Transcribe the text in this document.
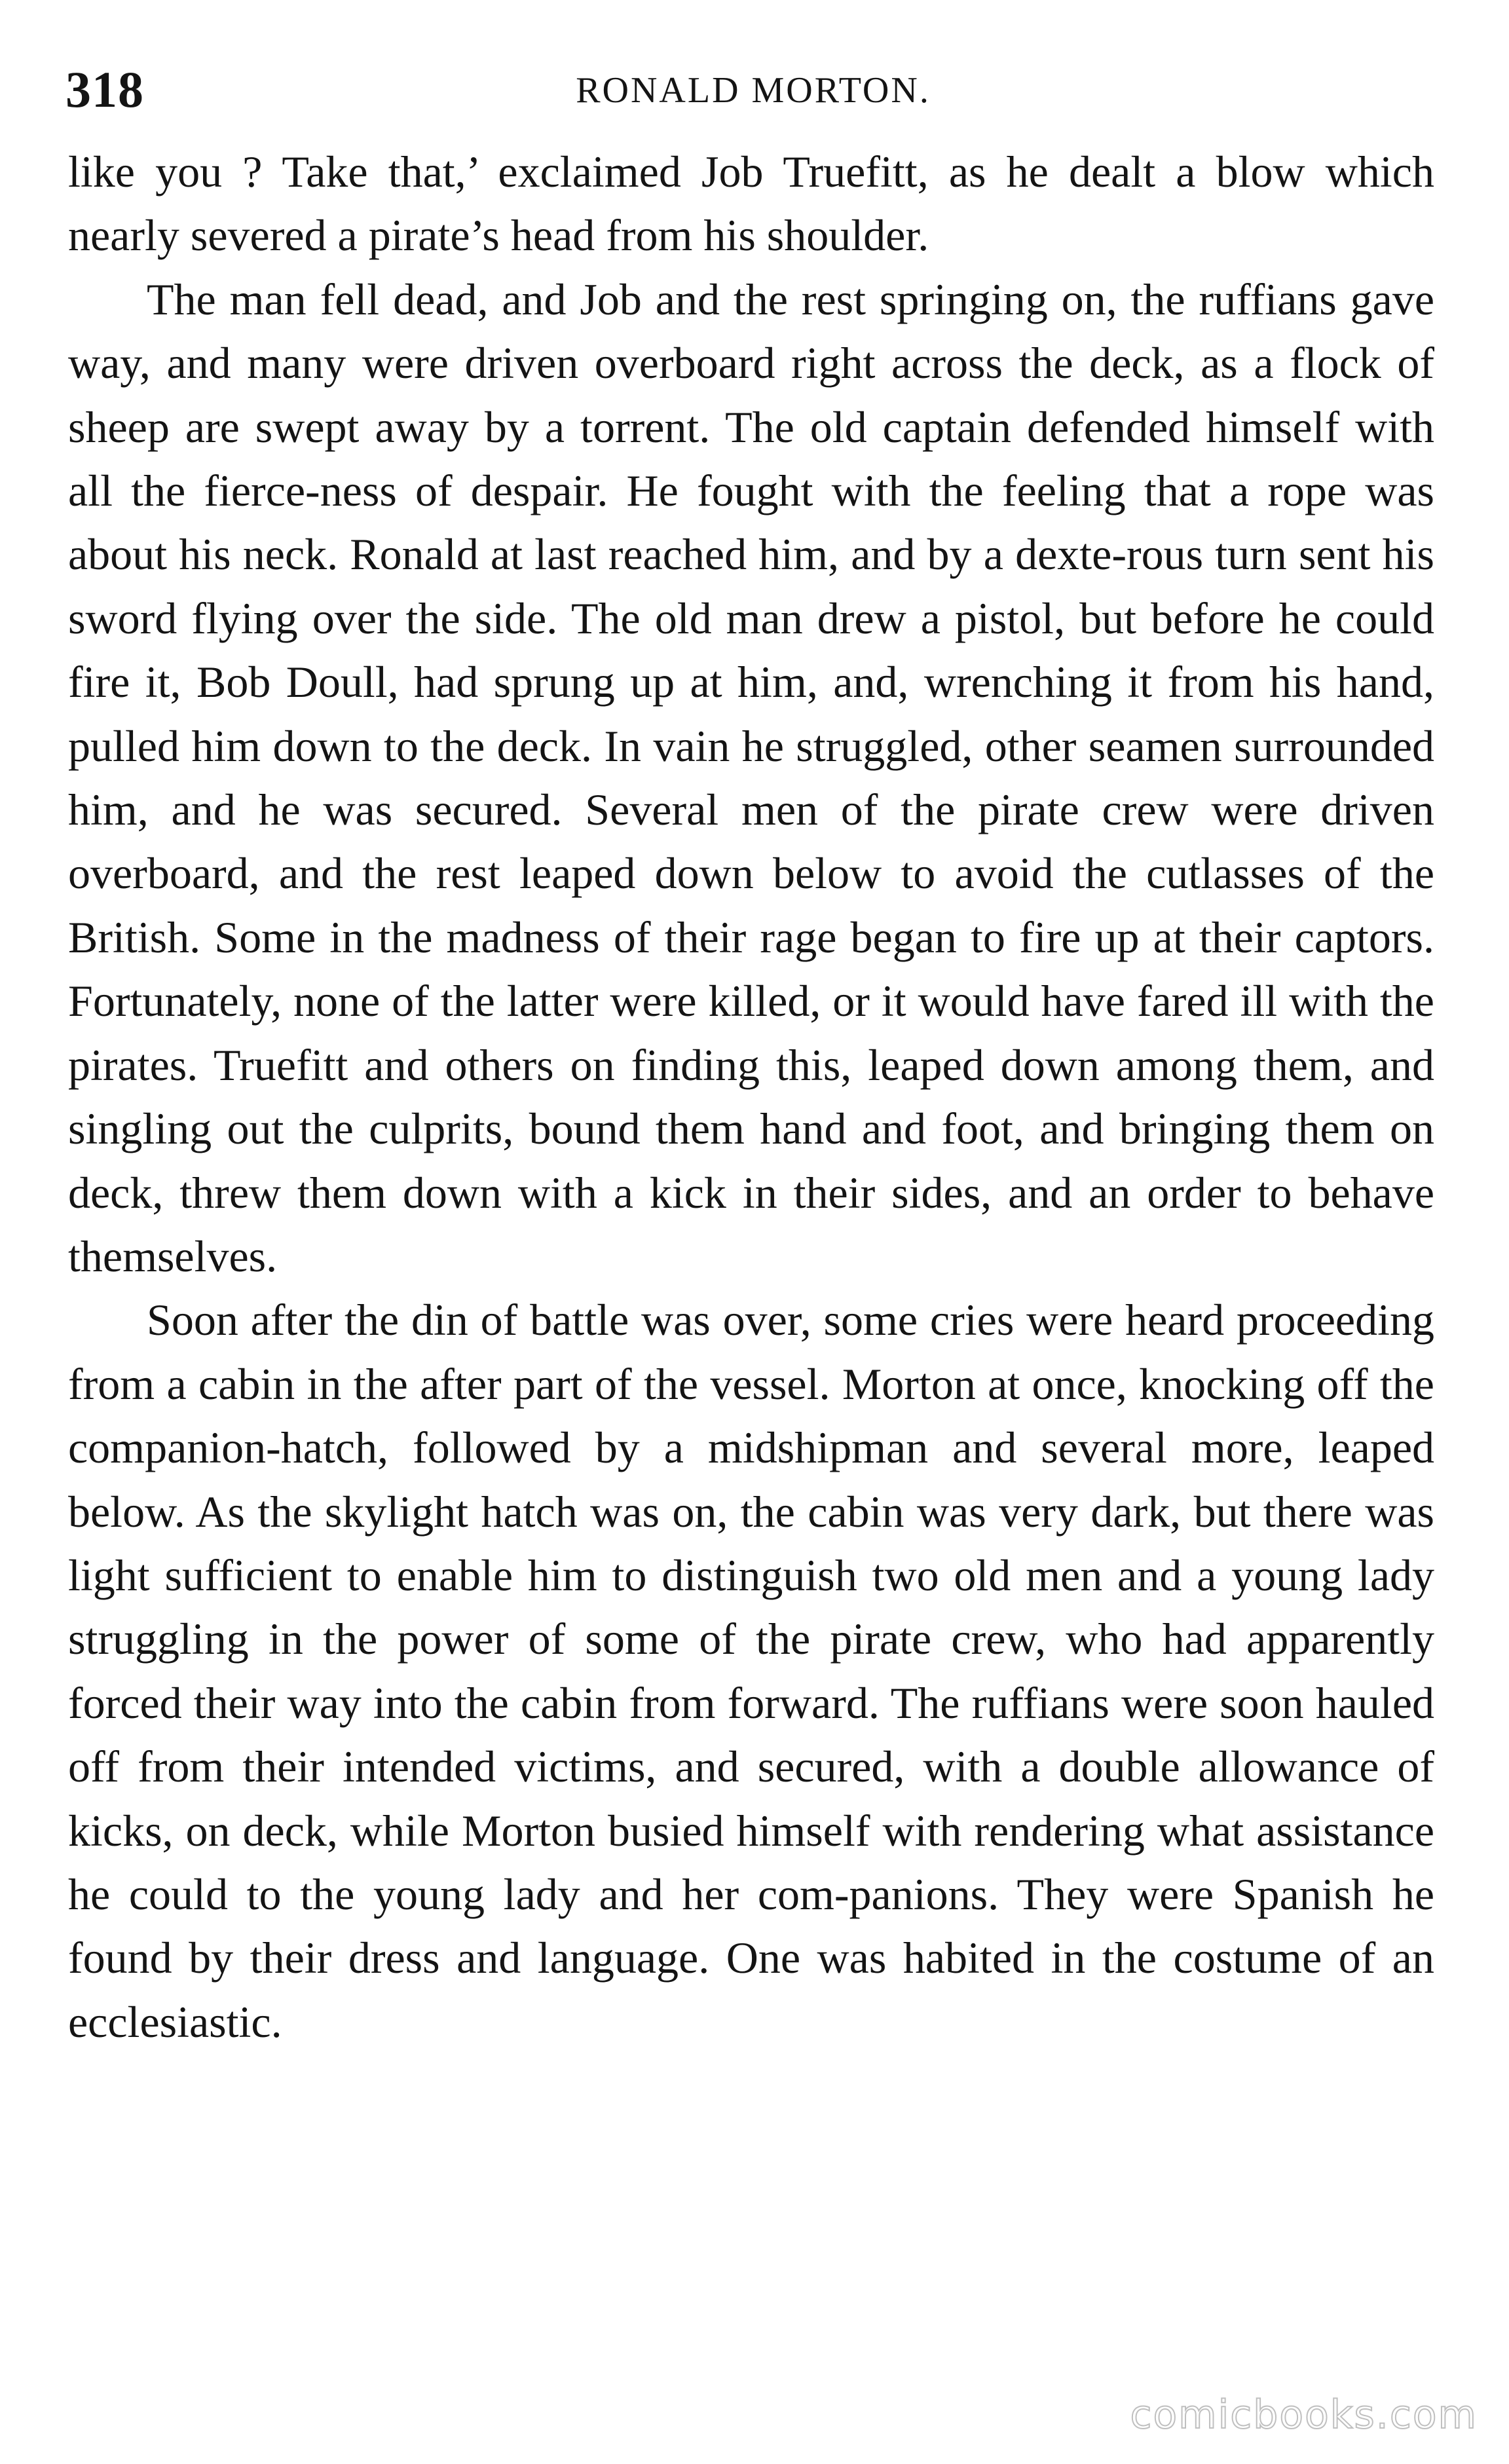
318	RONALD MORTON.

like you ? Take that,’ exclaimed Job Truefitt, as he dealt a blow which nearly severed a pirate’s head from his shoulder.

The man fell dead, and Job and the rest springing on, the ruffians gave way, and many were driven overboard right across the deck, as a flock of sheep are swept away by a torrent. The old captain defended himself with all the fierce-ness of despair. He fought with the feeling that a rope was about his neck. Ronald at last reached him, and by a dexte-rous turn sent his sword flying over the side. The old man drew a pistol, but before he could fire it, Bob Doull, had sprung up at him, and, wrenching it from his hand, pulled him down to the deck. In vain he struggled, other seamen surrounded him, and he was secured. Several men of the pirate crew were driven overboard, and the rest leaped down below to avoid the cutlasses of the British. Some in the madness of their rage began to fire up at their captors. Fortunately, none of the latter were killed, or it would have fared ill with the pirates. Truefitt and others on finding this, leaped down among them, and singling out the culprits, bound them hand and foot, and bringing them on deck, threw them down with a kick in their sides, and an order to behave themselves.

Soon after the din of battle was over, some cries were heard proceeding from a cabin in the after part of the vessel. Morton at once, knocking off the companion-hatch, followed by a midshipman and several more, leaped below. As the skylight hatch was on, the cabin was very dark, but there was light sufficient to enable him to distinguish two old men and a young lady struggling in the power of some of the pirate crew, who had apparently forced their way into the cabin from forward. The ruffians were soon hauled off from their intended victims, and secured, with a double allowance of kicks, on deck, while Morton busied himself with rendering what assistance he could to the young lady and her com-panions. They were Spanish he found by their dress and language. One was habited in the costume of an ecclesiastic.

comicbooks.com
